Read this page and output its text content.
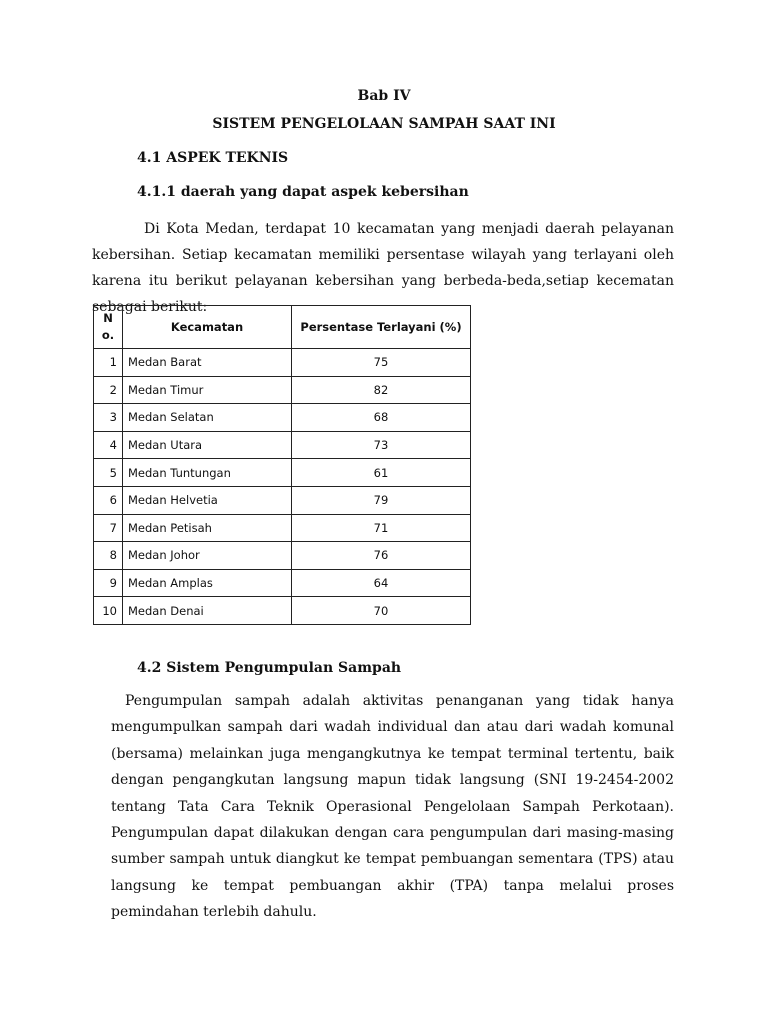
Bab IV
SISTEM PENGELOLAAN SAMPAH SAAT INI
4.1 ASPEK TEKNIS
4.1.1 daerah yang dapat aspek kebersihan
Di Kota Medan, terdapat 10 kecamatan yang menjadi daerah pelayanan kebersihan. Setiap kecamatan memiliki persentase wilayah yang terlayani oleh karena itu berikut pelayanan kebersihan yang berbeda-beda,setiap kecematan sebagai berikut:
N o.	Kecamatan	Persentase Terlayani (%)
1	Medan Barat	75
2	Medan Timur	82
3	Medan Selatan	68
4	Medan Utara	73
5	Medan Tuntungan	61
6	Medan Helvetia	79
7	Medan Petisah	71
8	Medan Johor	76
9	Medan Amplas	64
10	Medan Denai	70
4.2 Sistem Pengumpulan Sampah
Pengumpulan sampah adalah aktivitas penanganan yang tidak hanya mengumpulkan sampah dari wadah individual dan atau dari wadah komunal (bersama) melainkan juga mengangkutnya ke tempat terminal tertentu, baik dengan pengangkutan langsung mapun tidak langsung (SNI 19-2454-2002 tentang Tata Cara Teknik Operasional Pengelolaan Sampah Perkotaan). Pengumpulan dapat dilakukan dengan cara pengumpulan dari masing-masing sumber sampah untuk diangkut ke tempat pembuangan sementara (TPS) atau langsung ke tempat pembuangan akhir (TPA) tanpa melalui proses pemindahan terlebih dahulu.
